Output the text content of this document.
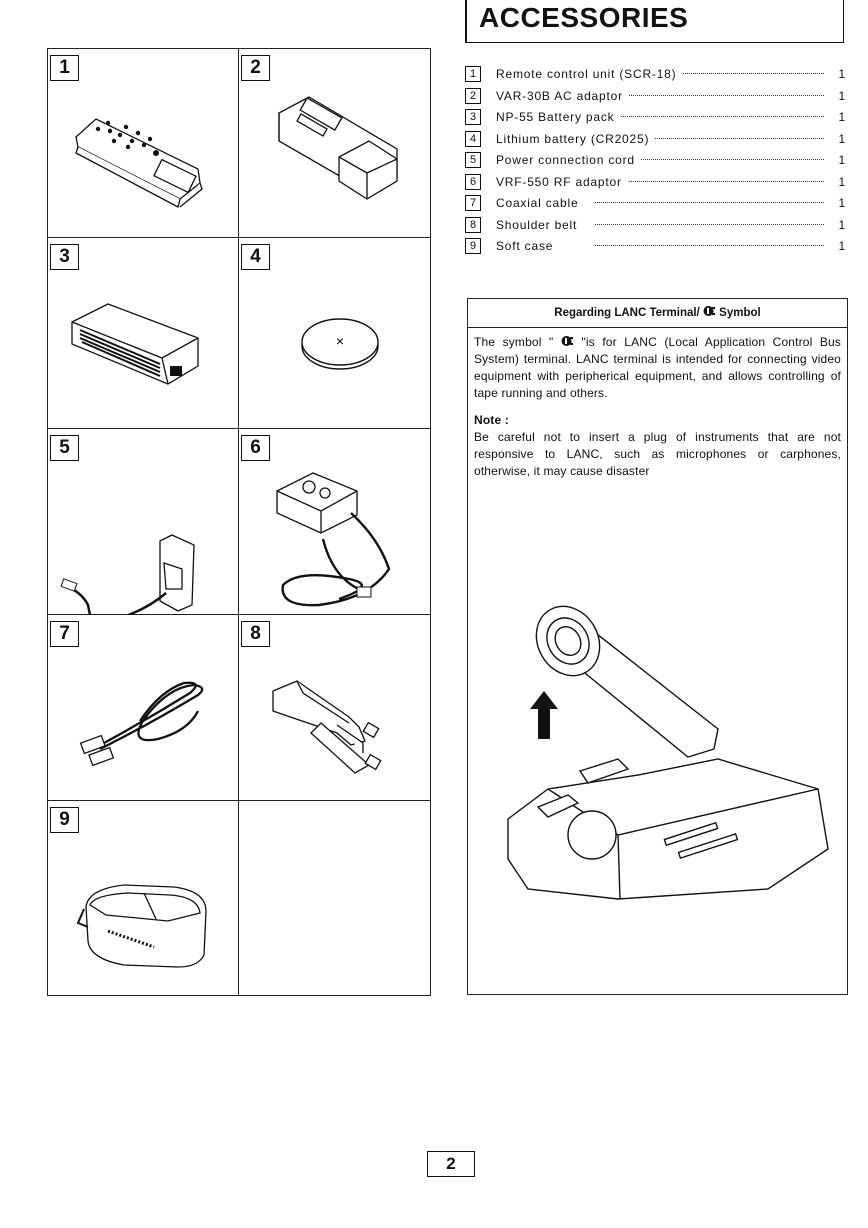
ACCESSORIES
1	2
3	4
×
5	6
7	8
9
1	Remote control unit (SCR-18)	1
2	VAR-30B AC adaptor	1
3	NP-55 Battery pack	1
4	Lithium battery (CR2025)	1
5	Power connection cord	1
6	VRF-550 RF adaptor	1
7	Coaxial cable	1
8	Shoulder belt	1
9	Soft case	1
Regarding LANC Terminal/ Symbol
The symbol " "is for LANC (Local Application Control Bus System) terminal. LANC terminal is intended for connecting video equipment with peripherical equipment, and allows controlling of tape running and others.
Note :
Be careful not to insert a plug of instruments that are not responsive to LANC, such as microphones or carphones, otherwise, it may cause disaster
2
